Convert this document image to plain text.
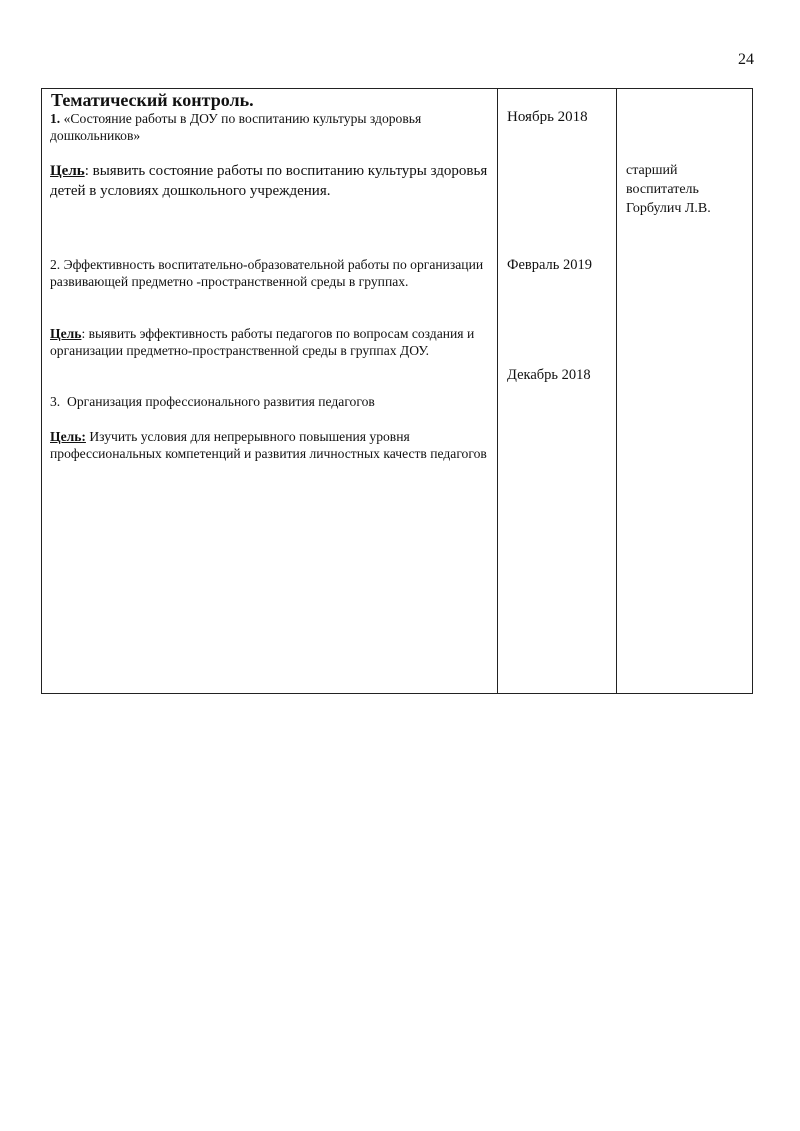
24
Тематический контроль.
1. «Состояние работы в ДОУ по воспитанию культуры здоровья дошкольников»
Цель: выявить состояние работы по воспитанию культуры здоровья детей в условиях дошкольного учреждения.
2. Эффективность воспитательно-образовательной работы по организации развивающей предметно -пространственной среды в группах.
Цель: выявить эффективность работы педагогов по вопросам создания и организации предметно-пространственной среды в группах ДОУ.
3. Организация профессионального развития педагогов
Цель: Изучить условия для непрерывного повышения уровня профессиональных компетенций и развития личностных качеств педагогов
Ноябрь 2018
Февраль 2019
Декабрь 2018
старший
воспитатель
Горбулич Л.В.
